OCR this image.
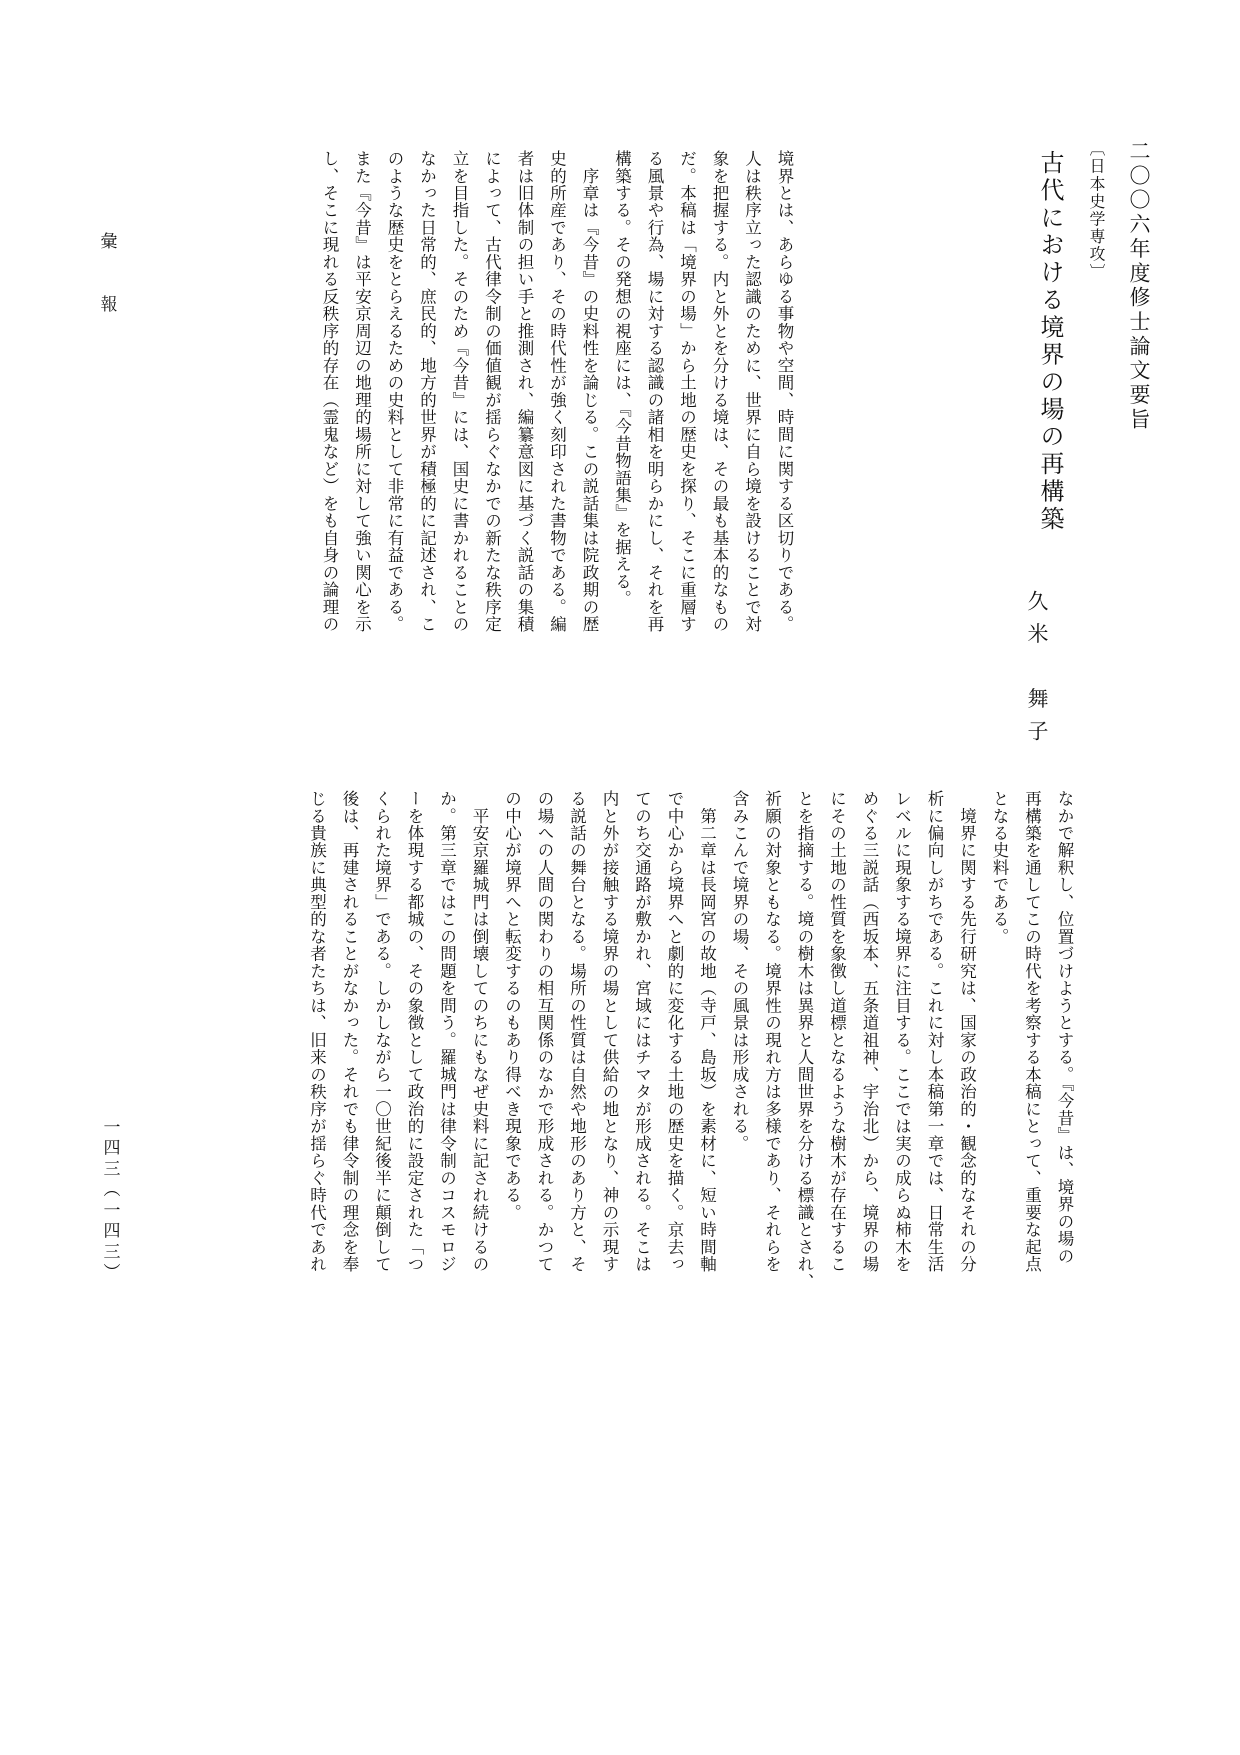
彙　報
一四三（一四三）
二〇〇六年度修士論文要旨
〔日本史学専攻〕
古代における境界の場の再構築
久米　舞子
境界とは、あらゆる事物や空間、時間に関する区切りである。
人は秩序立った認識のために、世界に自ら境を設けることで対
象を把握する。内と外とを分ける境は、その最も基本的なもの
だ。本稿は「境界の場」から土地の歴史を探り、そこに重層す
る風景や行為、場に対する認識の諸相を明らかにし、それを再
構築する。その発想の視座には、『今昔物語集』を据える。
　序章は『今昔』の史料性を論じる。この説話集は院政期の歴
史的所産であり、その時代性が強く刻印された書物である。編
者は旧体制の担い手と推測され、編纂意図に基づく説話の集積
によって、古代律令制の価値観が揺らぐなかでの新たな秩序定
立を目指した。そのため『今昔』には、国史に書かれることの
なかった日常的、庶民的、地方的世界が積極的に記述され、こ
のような歴史をとらえるための史料として非常に有益である。
また『今昔』は平安京周辺の地理的場所に対して強い関心を示
し、そこに現れる反秩序的存在（霊鬼など）をも自身の論理の
なかで解釈し、位置づけようとする。『今昔』は、境界の場の
再構築を通してこの時代を考察する本稿にとって、重要な起点
となる史料である。
　境界に関する先行研究は、国家の政治的・観念的なそれの分
析に偏向しがちである。これに対し本稿第一章では、日常生活
レベルに現象する境界に注目する。ここでは実の成らぬ柿木を
めぐる三説話（西坂本、五条道祖神、宇治北）から、境界の場
にその土地の性質を象徴し道標となるような樹木が存在するこ
とを指摘する。境の樹木は異界と人間世界を分ける標識とされ、
祈願の対象ともなる。境界性の現れ方は多様であり、それらを
含みこんで境界の場、その風景は形成される。
　第二章は長岡宮の故地（寺戸、島坂）を素材に、短い時間軸
で中心から境界へと劇的に変化する土地の歴史を描く。京去っ
てのち交通路が敷かれ、宮域にはチマタが形成される。そこは
内と外が接触する境界の場として供給の地となり、神の示現す
る説話の舞台となる。場所の性質は自然や地形のあり方と、そ
の場への人間の関わりの相互関係のなかで形成される。かつて
の中心が境界へと転変するのもあり得べき現象である。
　平安京羅城門は倒壊してのちにもなぜ史料に記され続けるの
か。第三章ではこの問題を問う。羅城門は律令制のコスモロジ
ーを体現する都城の、その象徴として政治的に設定された「つ
くられた境界」である。しかしながら一〇世紀後半に顛倒して
後は、再建されることがなかった。それでも律令制の理念を奉
じる貴族に典型的な者たちは、旧来の秩序が揺らぐ時代であれ
